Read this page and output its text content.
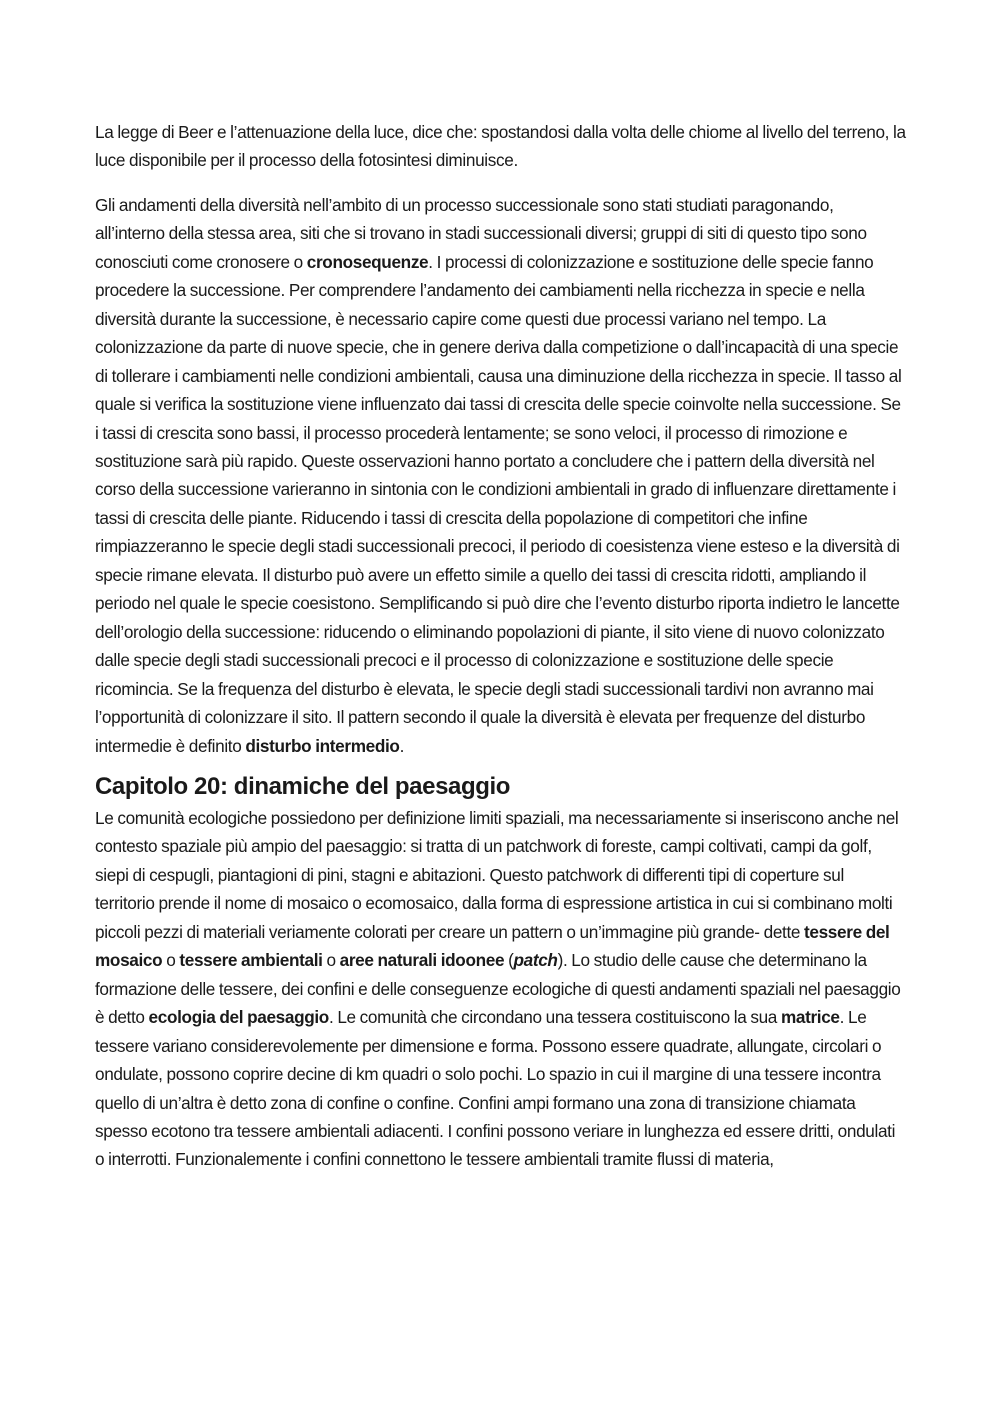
La legge di Beer e l’attenuazione della luce, dice che: spostandosi dalla volta delle chiome al livello del terreno, la luce disponibile per il processo della fotosintesi diminuisce.

Gli andamenti della diversità nell’ambito di un processo successionale sono stati studiati paragonando, all’interno della stessa area, siti che si trovano in stadi successionali diversi; gruppi di siti di questo tipo sono conosciuti come cronosere o cronosequenze. I processi di colonizzazione e sostituzione delle specie fanno procedere la successione. Per comprendere l’andamento dei cambiamenti nella ricchezza in specie e nella diversità durante la successione, è necessario capire come questi due processi variano nel tempo. La colonizzazione da parte di nuove specie, che in genere deriva dalla competizione o dall’incapacità di una specie di tollerare i cambiamenti nelle condizioni ambientali, causa una diminuzione della ricchezza in specie. Il tasso al quale si verifica la sostituzione viene influenzato dai tassi di crescita delle specie coinvolte nella successione. Se i tassi di crescita sono bassi, il processo procederà lentamente; se sono veloci, il processo di rimozione e sostituzione sarà più rapido. Queste osservazioni hanno portato a concludere che i pattern della diversità nel corso della successione varieranno in sintonia con le condizioni ambientali in grado di influenzare direttamente i tassi di crescita delle piante. Riducendo i tassi di crescita della popolazione di competitori che infine rimpiazzeranno le specie degli stadi successionali precoci, il periodo di coesistenza viene esteso e la diversità di specie rimane elevata. Il disturbo può avere un effetto simile a quello dei tassi di crescita ridotti, ampliando il periodo nel quale le specie coesistono. Semplificando si può dire che l’evento disturbo riporta indietro le lancette dell’orologio della successione: riducendo o eliminando popolazioni di piante, il sito viene di nuovo colonizzato dalle specie degli stadi successionali precoci e il processo di colonizzazione e sostituzione delle specie ricomincia. Se la frequenza del disturbo è elevata, le specie degli stadi successionali tardivi non avranno mai l’opportunità di colonizzare il sito. Il pattern secondo il quale la diversità è elevata per frequenze del disturbo intermedie è definito disturbo intermedio.

Capitolo 20: dinamiche del paesaggio

Le comunità ecologiche possiedono per definizione limiti spaziali, ma necessariamente si inseriscono anche nel contesto spaziale più ampio del paesaggio: si tratta di un patchwork di foreste, campi coltivati, campi da golf, siepi di cespugli, piantagioni di pini, stagni e abitazioni. Questo patchwork di differenti tipi di coperture sul territorio prende il nome di mosaico o ecomosaico, dalla forma di espressione artistica in cui si combinano molti piccoli pezzi di materiali veriamente colorati per creare un pattern o un’immagine più grande- dette tessere del mosaico o tessere ambientali o aree naturali idoonee (patch). Lo studio delle cause che determinano la formazione delle tessere, dei confini e delle conseguenze ecologiche di questi andamenti spaziali nel paesaggio è detto ecologia del paesaggio. Le comunità che circondano una tessera costituiscono la sua matrice. Le tessere variano considerevolemente per dimensione e forma. Possono essere quadrate, allungate, circolari o ondulate, possono coprire decine di km quadri o solo pochi. Lo spazio in cui il margine di una tessere incontra quello di un’altra è detto zona di confine o confine. Confini ampi formano una zona di transizione chiamata spesso ecotono tra tessere ambientali adiacenti. I confini possono veriare in lunghezza ed essere dritti, ondulati o interrotti. Funzionalemente i confini connettono le tessere ambientali tramite flussi di materia,
